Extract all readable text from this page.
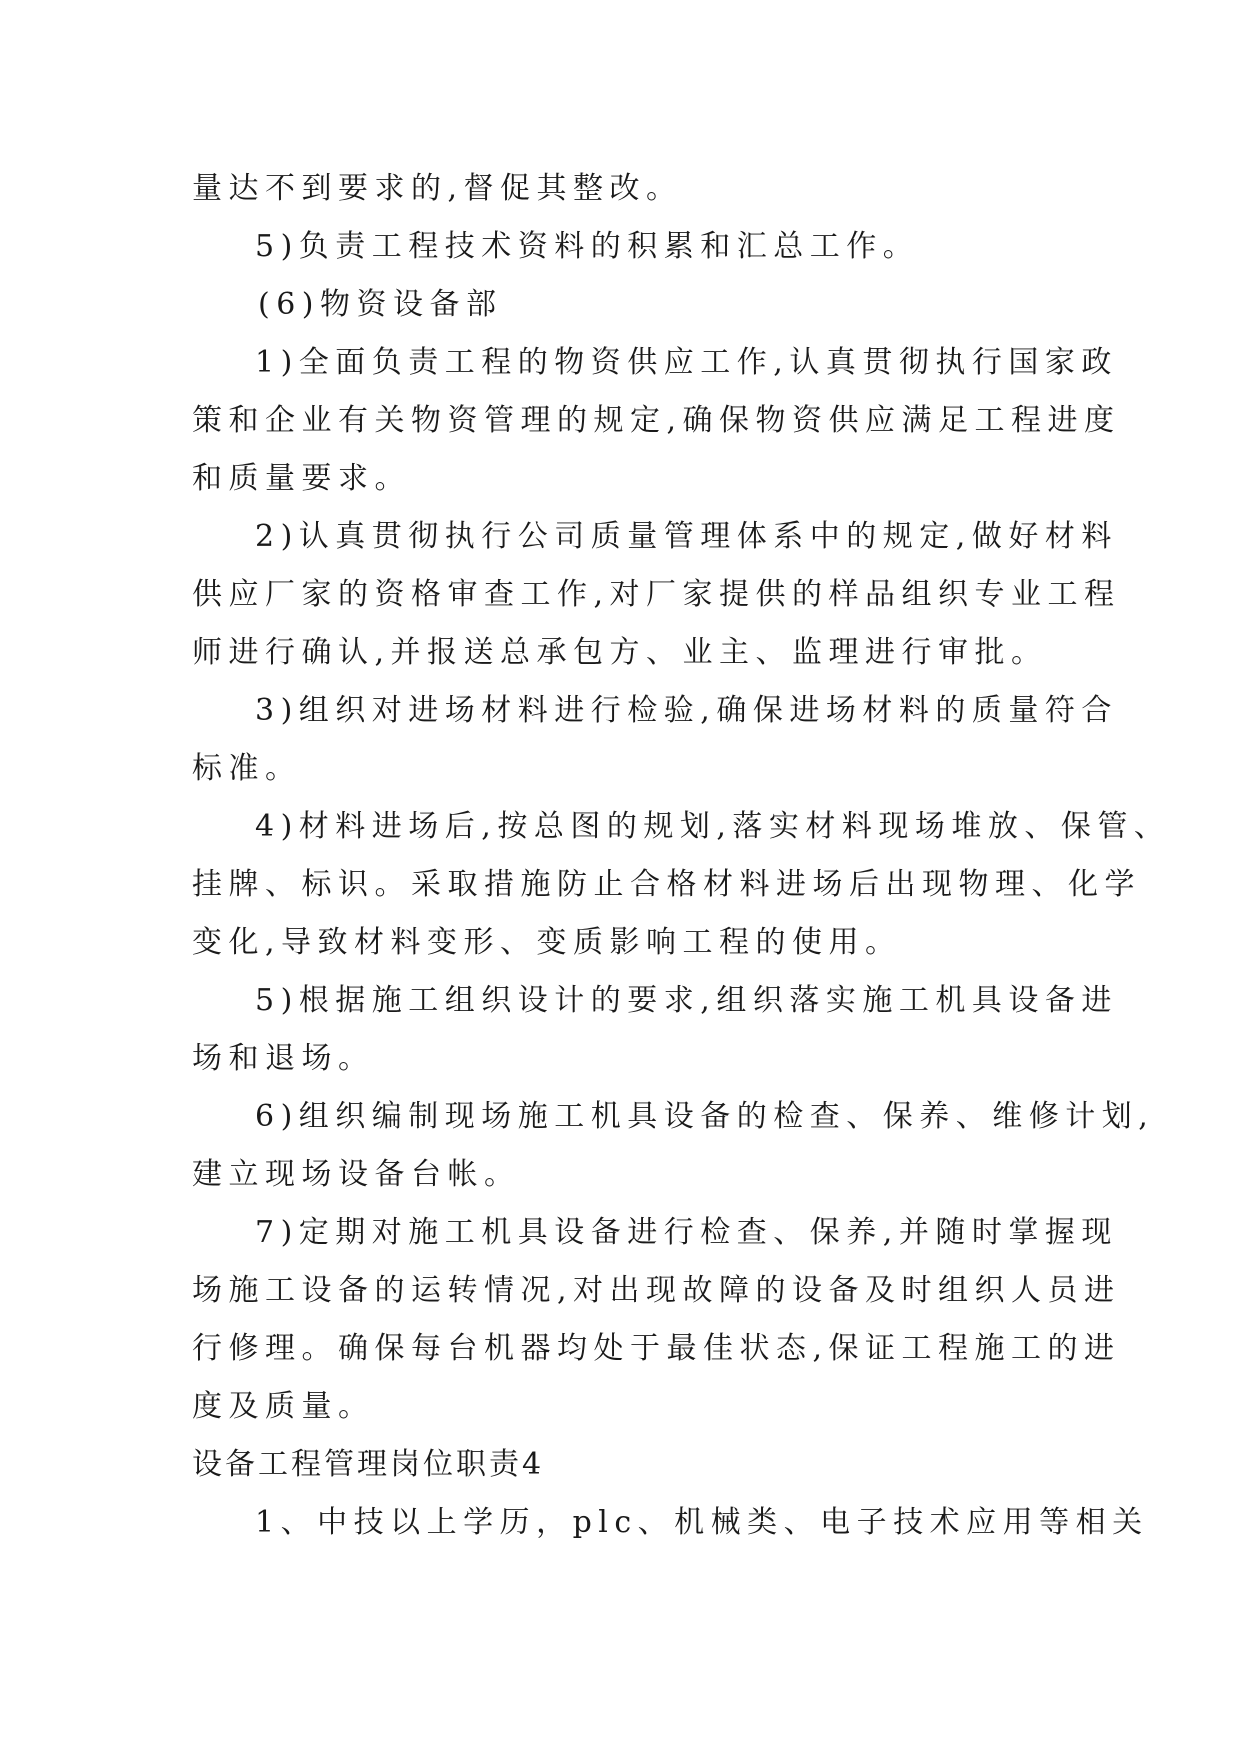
量达不到要求的,督促其整改。
5)负责工程技术资料的积累和汇总工作。
(6)物资设备部
1)全面负责工程的物资供应工作,认真贯彻执行国家政
策和企业有关物资管理的规定,确保物资供应满足工程进度
和质量要求。
2)认真贯彻执行公司质量管理体系中的规定,做好材料
供应厂家的资格审查工作,对厂家提供的样品组织专业工程
师进行确认,并报送总承包方、业主、监理进行审批。
3)组织对进场材料进行检验,确保进场材料的质量符合
标准。
4)材料进场后,按总图的规划,落实材料现场堆放、保管、
挂牌、标识。采取措施防止合格材料进场后出现物理、化学
变化,导致材料变形、变质影响工程的使用。
5)根据施工组织设计的要求,组织落实施工机具设备进
场和退场。
6)组织编制现场施工机具设备的检查、保养、维修计划,
建立现场设备台帐。
7)定期对施工机具设备进行检查、保养,并随时掌握现
场施工设备的运转情况,对出现故障的设备及时组织人员进
行修理。确保每台机器均处于最佳状态,保证工程施工的进
度及质量。
设备工程管理岗位职责4
1、中技以上学历，plc、机械类、电子技术应用等相关
